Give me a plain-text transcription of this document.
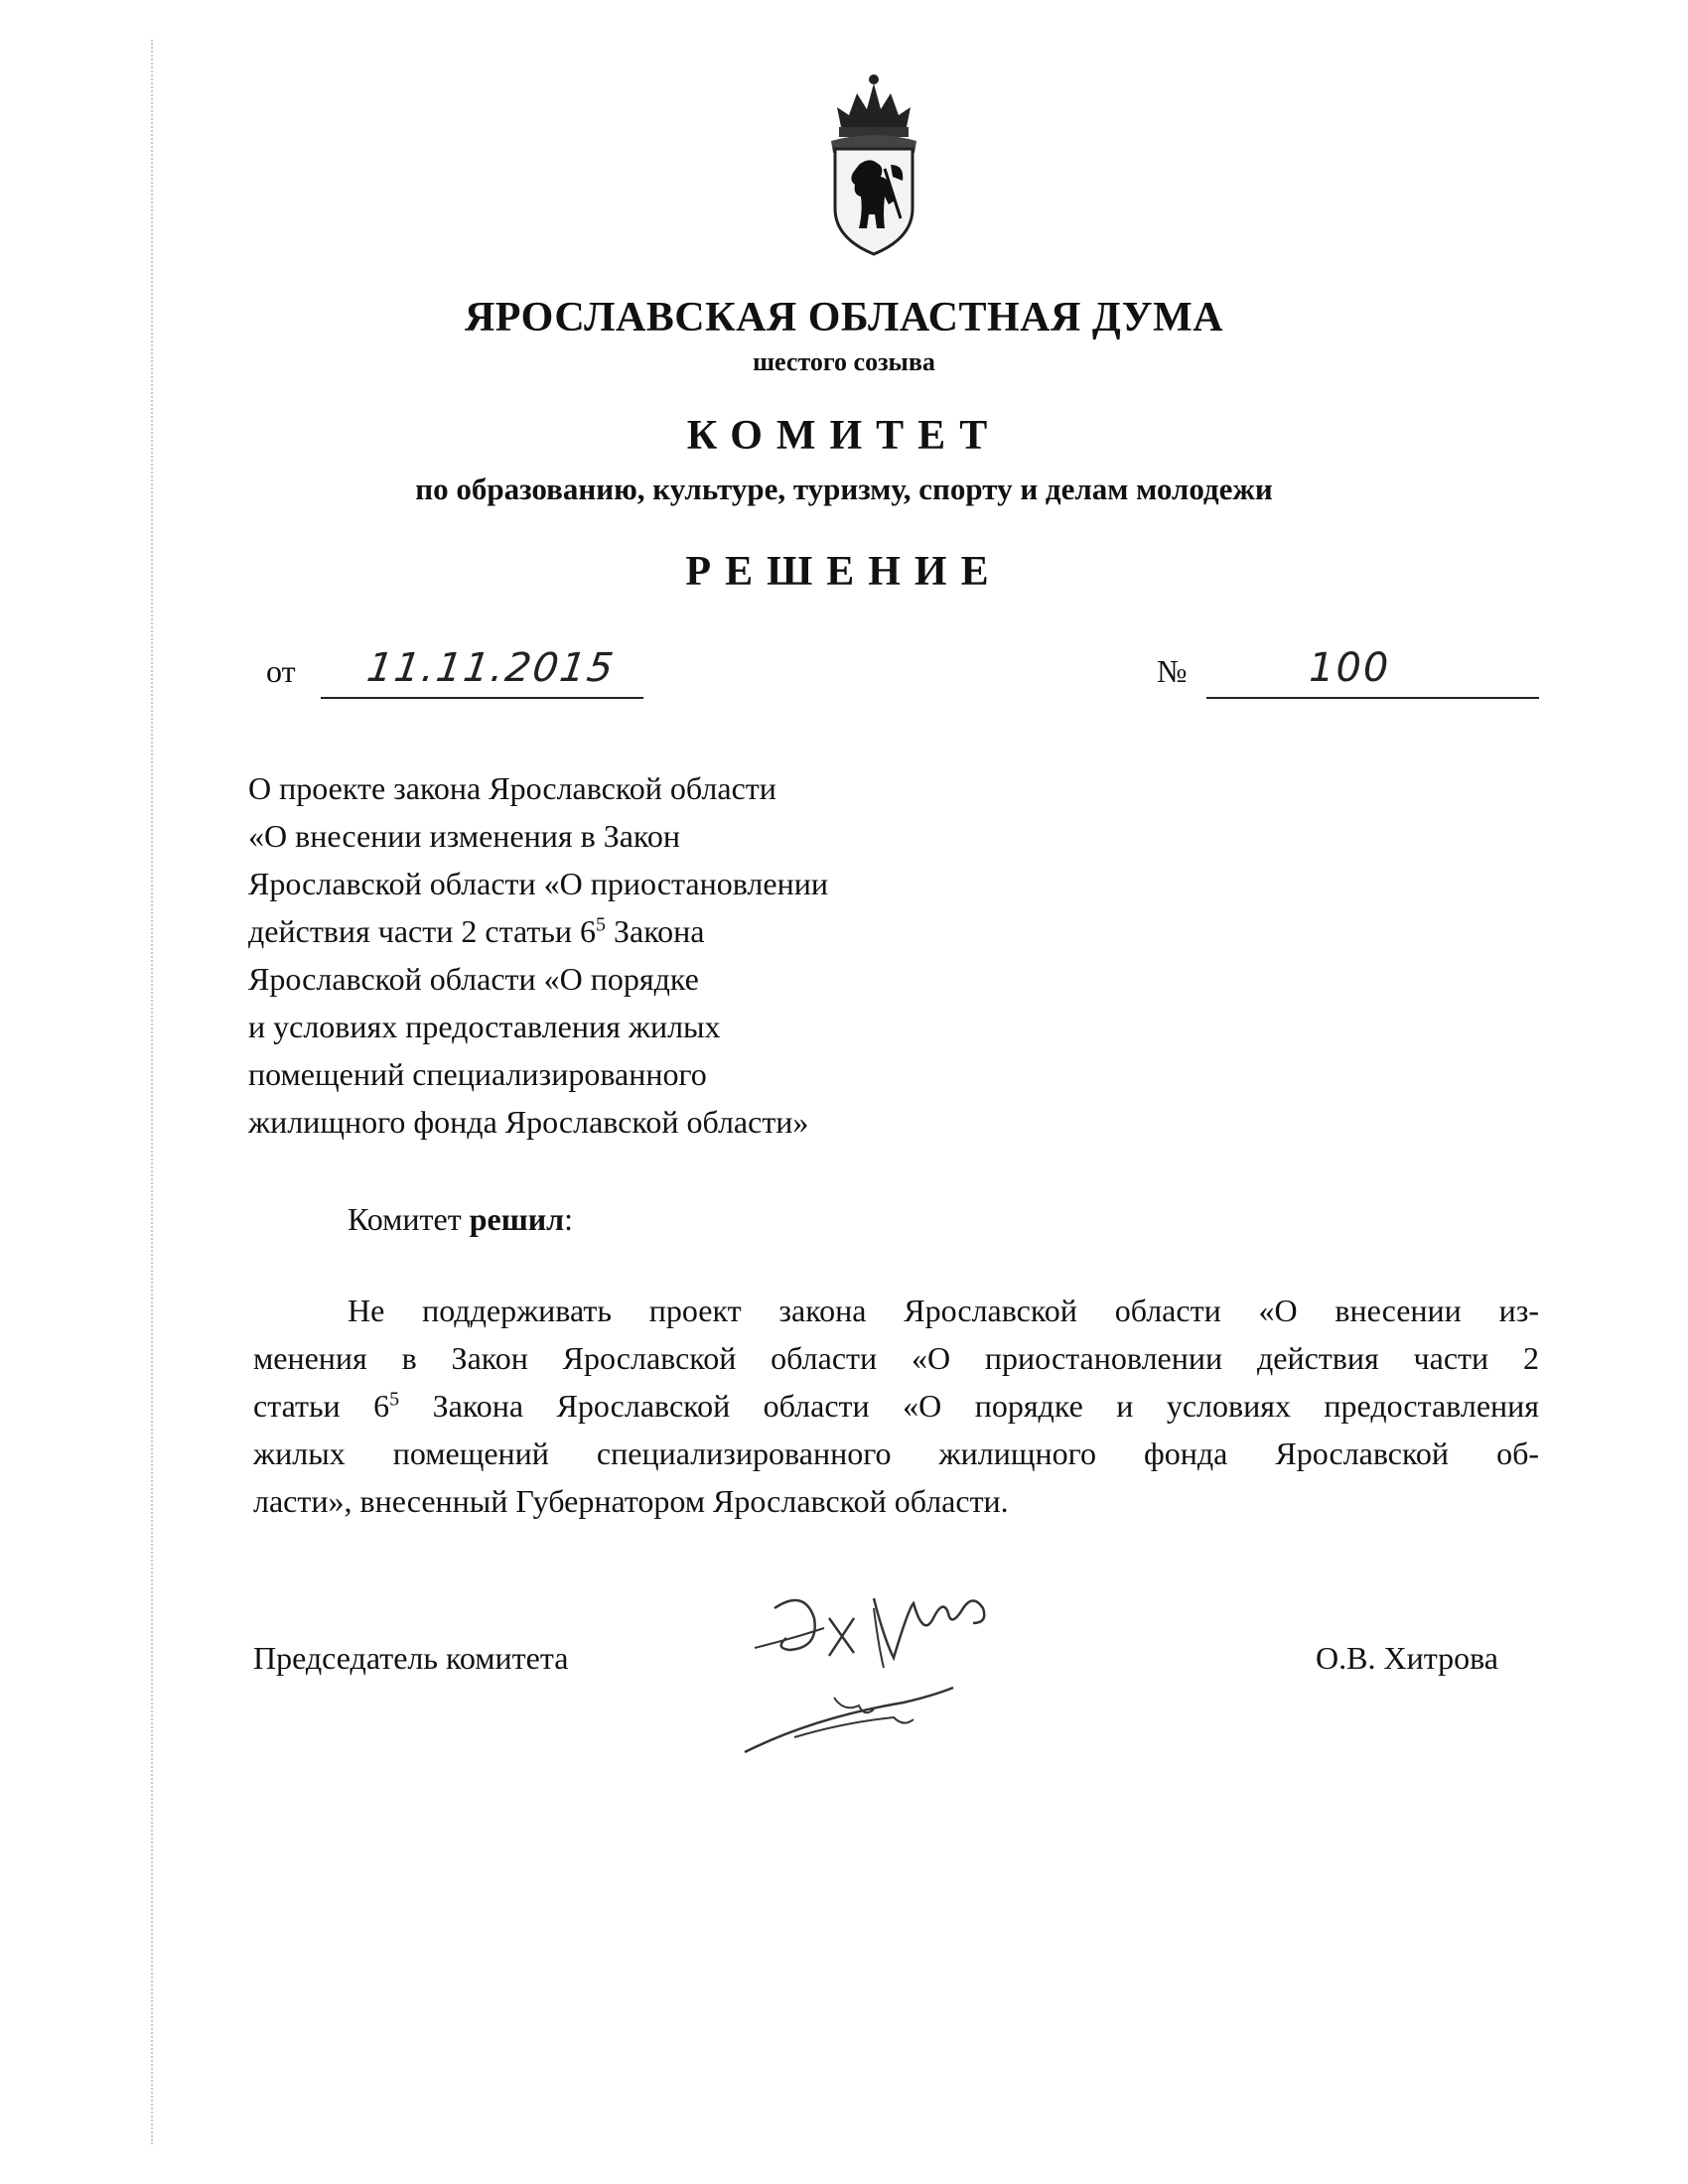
ЯРОСЛАВСКАЯ ОБЛАСТНАЯ ДУМА
шестого созыва
КОМИТЕТ
по образованию, культуре, туризму, спорту и делам молодежи
РЕШЕНИЕ
от 11.11.2015	№	100
О проекте закона Ярославской области
«О внесении изменения в Закон
Ярославской области «О приостановлении
действия части 2 статьи $6^5$ Закона
Ярославской области «О порядке
и условиях предоставления жилых
помещений специализированного
жилищного фонда Ярославской области»
Комитет решил:
Не поддерживать проект закона Ярославской области «О внесении из-
менения в Закон Ярославской области «О приостановлении действия части 2
статьи $6^5$ Закона Ярославской области «О порядке и условиях предоставления
жилых помещений специализированного жилищного фонда Ярославской об-
ласти», внесенный Губернатором Ярославской области.
Председатель комитета	О.В. Хитрова
